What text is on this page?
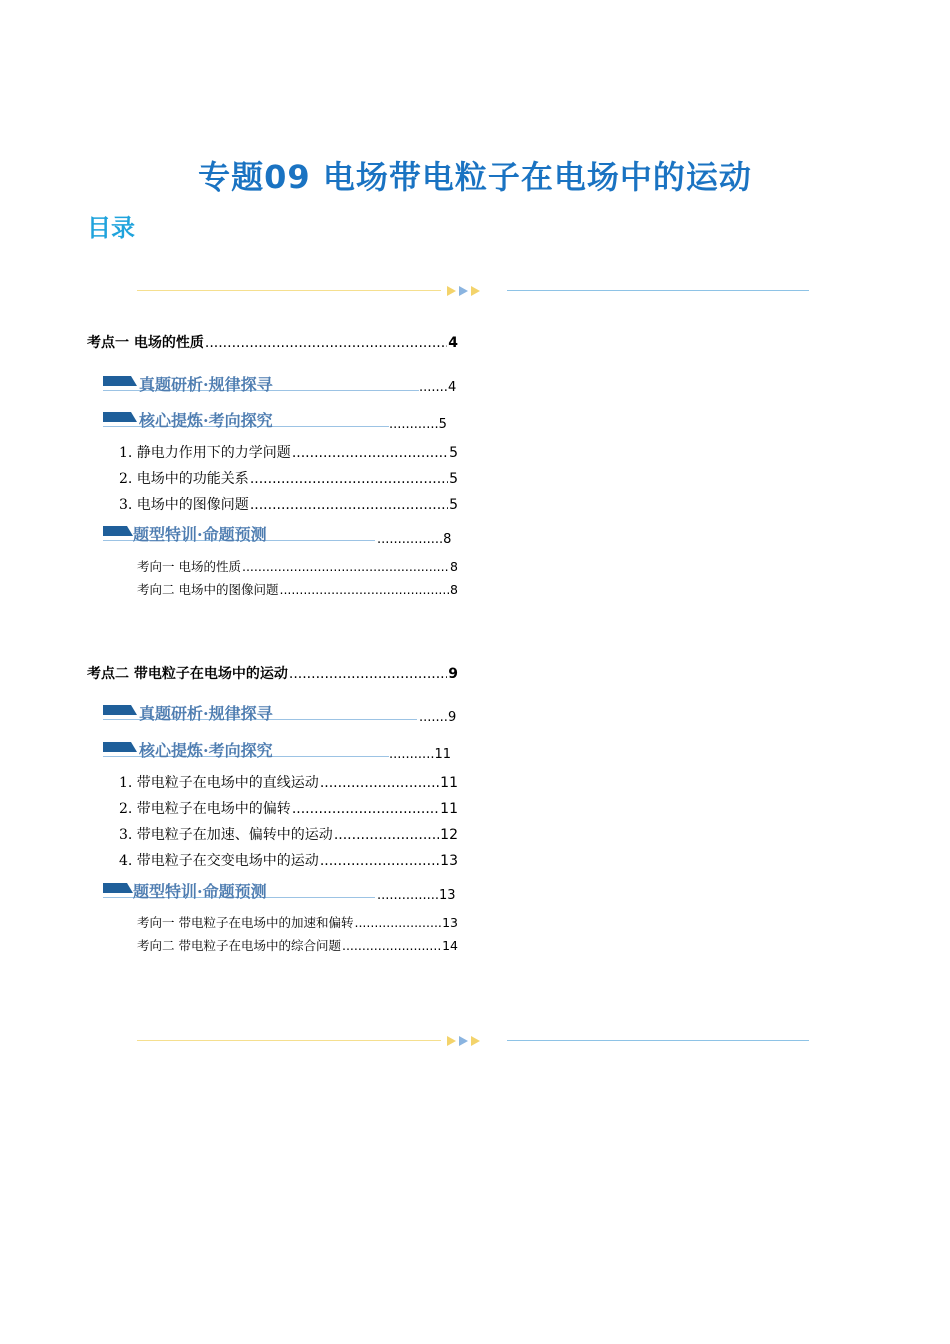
专题09 电场带电粒子在电场中的运动
目录
考点一 电场的性质 .....	4
真题研析·规律探寻	.......4
核心提炼·考向探究	............5
1. 静电力作用下的力学问题 .....	5
2. 电场中的功能关系 .....	5
3. 电场中的图像问题 .....	5
题型特训·命题预测	................8
考向一 电场的性质 .....	8
考向二 电场中的图像问题 .....	8
考点二 带电粒子在电场中的运动 .....	9
真题研析·规律探寻	.......9
核心提炼·考向探究	...........11
1. 带电粒子在电场中的直线运动 .....	11
2. 带电粒子在电场中的偏转 .....	11
3. 带电粒子在加速、偏转中的运动 .....	12
4. 带电粒子在交变电场中的运动 .....	13
题型特训·命题预测	...............13
考向一 带电粒子在电场中的加速和偏转 .....	13
考向二 带电粒子在电场中的综合问题 .....	14
